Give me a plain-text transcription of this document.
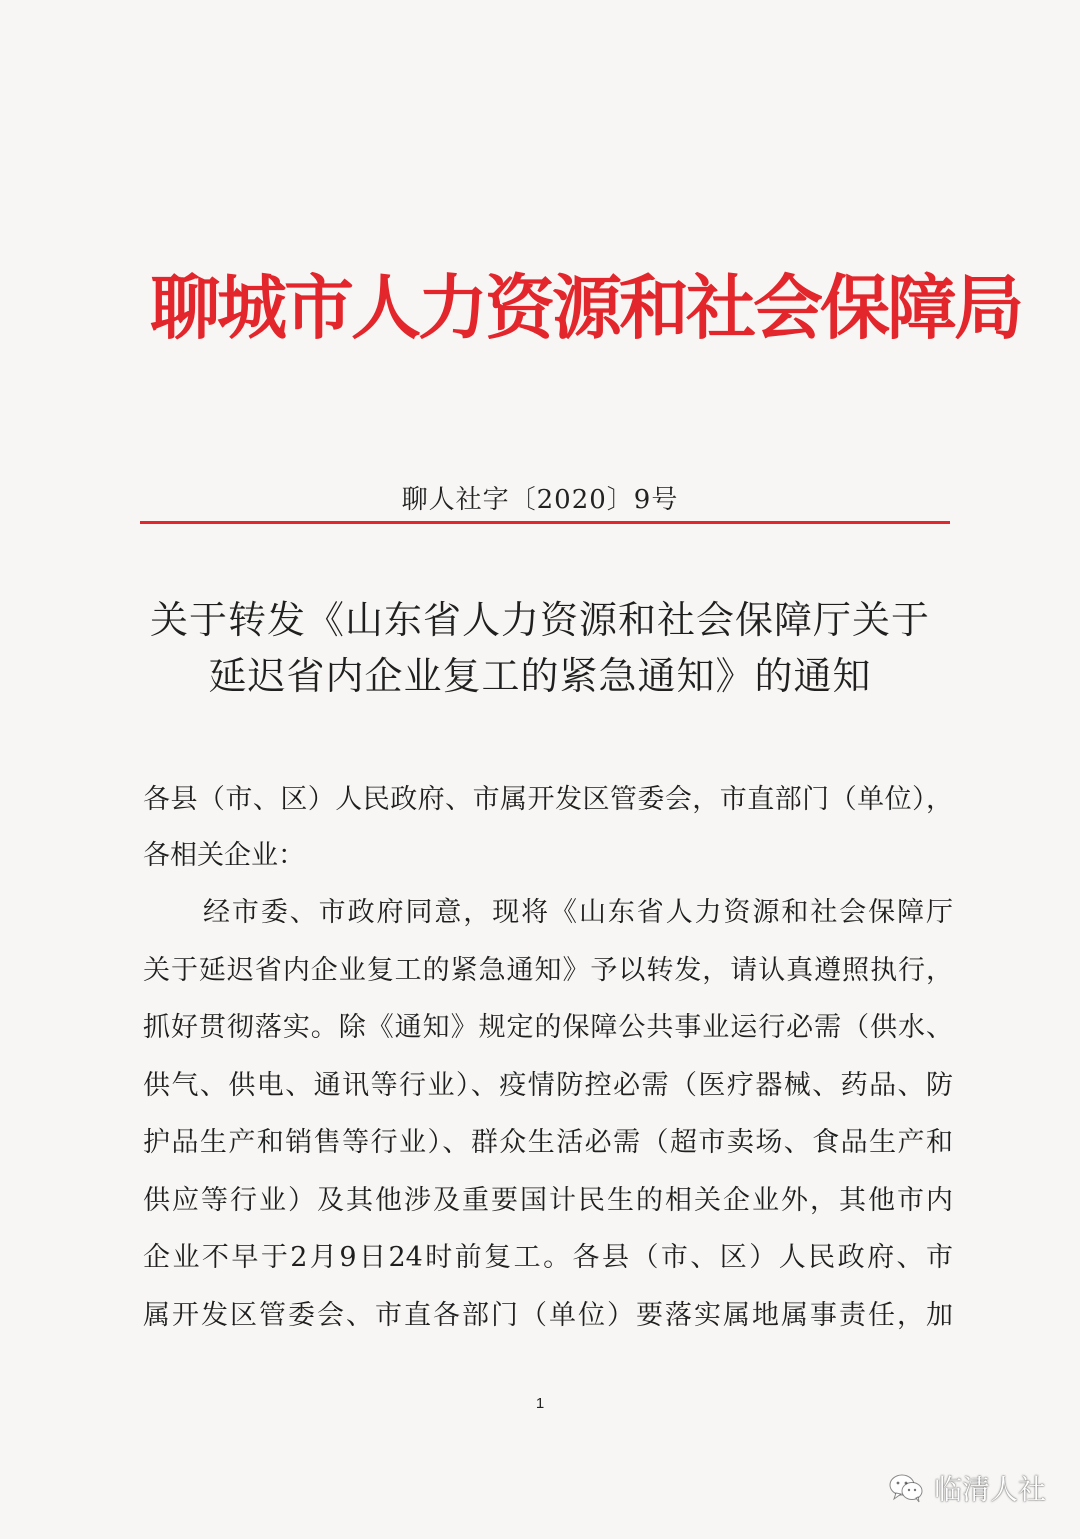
聊城市人力资源和社会保障局
聊人社字〔2020〕9号
关于转发《山东省人力资源和社会保障厅关于
延迟省内企业复工的紧急通知》的通知
各县（市、区）人民政府、市属开发区管委会，市直部门（单位），
各相关企业：
经市委、市政府同意，现将《山东省人力资源和社会保障厅
关于延迟省内企业复工的紧急通知》予以转发，请认真遵照执行，
抓好贯彻落实。除《通知》规定的保障公共事业运行必需（供水、
供气、供电、通讯等行业）、疫情防控必需（医疗器械、药品、防
护品生产和销售等行业）、群众生活必需（超市卖场、食品生产和
供应等行业）及其他涉及重要国计民生的相关企业外，其他市内
企业不早于2月9日24时前复工。各县（市、区）人民政府、市
属开发区管委会、市直各部门（单位）要落实属地属事责任，加
1
临清人社
